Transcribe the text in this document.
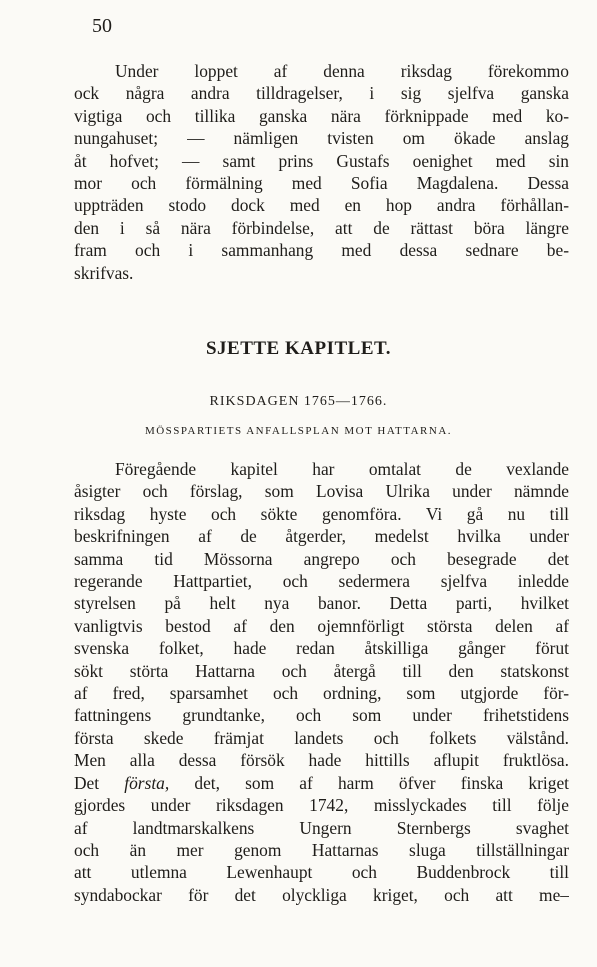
50
Under loppet af denna riksdag förekommo
ock några andra tilldragelser, i sig sjelfva ganska
vigtiga och tillika ganska nära förknippade med ko-
nungahuset; — nämligen tvisten om ökade anslag
åt hofvet; — samt prins Gustafs oenighet med sin
mor och förmälning med Sofia Magdalena. Dessa
uppträden stodo dock med en hop andra förhållan-
den i så nära förbindelse, att de rättast böra längre
fram och i sammanhang med dessa sednare be-
skrifvas.
SJETTE KAPITLET.
RIKSDAGEN 1765—1766.
MÖSSPARTIETS ANFALLSPLAN MOT HATTARNA.
Föregående kapitel har omtalat de vexlande
åsigter och förslag, som Lovisa Ulrika under nämnde
riksdag hyste och sökte genomföra. Vi gå nu till
beskrifningen af de åtgerder, medelst hvilka under
samma tid Mössorna angrepo och besegrade det
regerande Hattpartiet, och sedermera sjelfva inledde
styrelsen på helt nya banor. Detta parti, hvilket
vanligtvis bestod af den ojemnförligt största delen af
svenska folket, hade redan åtskilliga gånger förut
sökt störta Hattarna och återgå till den statskonst
af fred, sparsamhet och ordning, som utgjorde för-
fattningens grundtanke, och som under frihetstidens
första skede främjat landets och folkets välstånd.
Men alla dessa försök hade hittills aflupit fruktlösa.
Det första, det, som af harm öfver finska kriget
gjordes under riksdagen 1742, misslyckades till följe
af landtmarskalkens Ungern Sternbergs svaghet
och än mer genom Hattarnas sluga tillställningar
att utlemna Lewenhaupt och Buddenbrock till
syndabockar för det olyckliga kriget, och att me–
